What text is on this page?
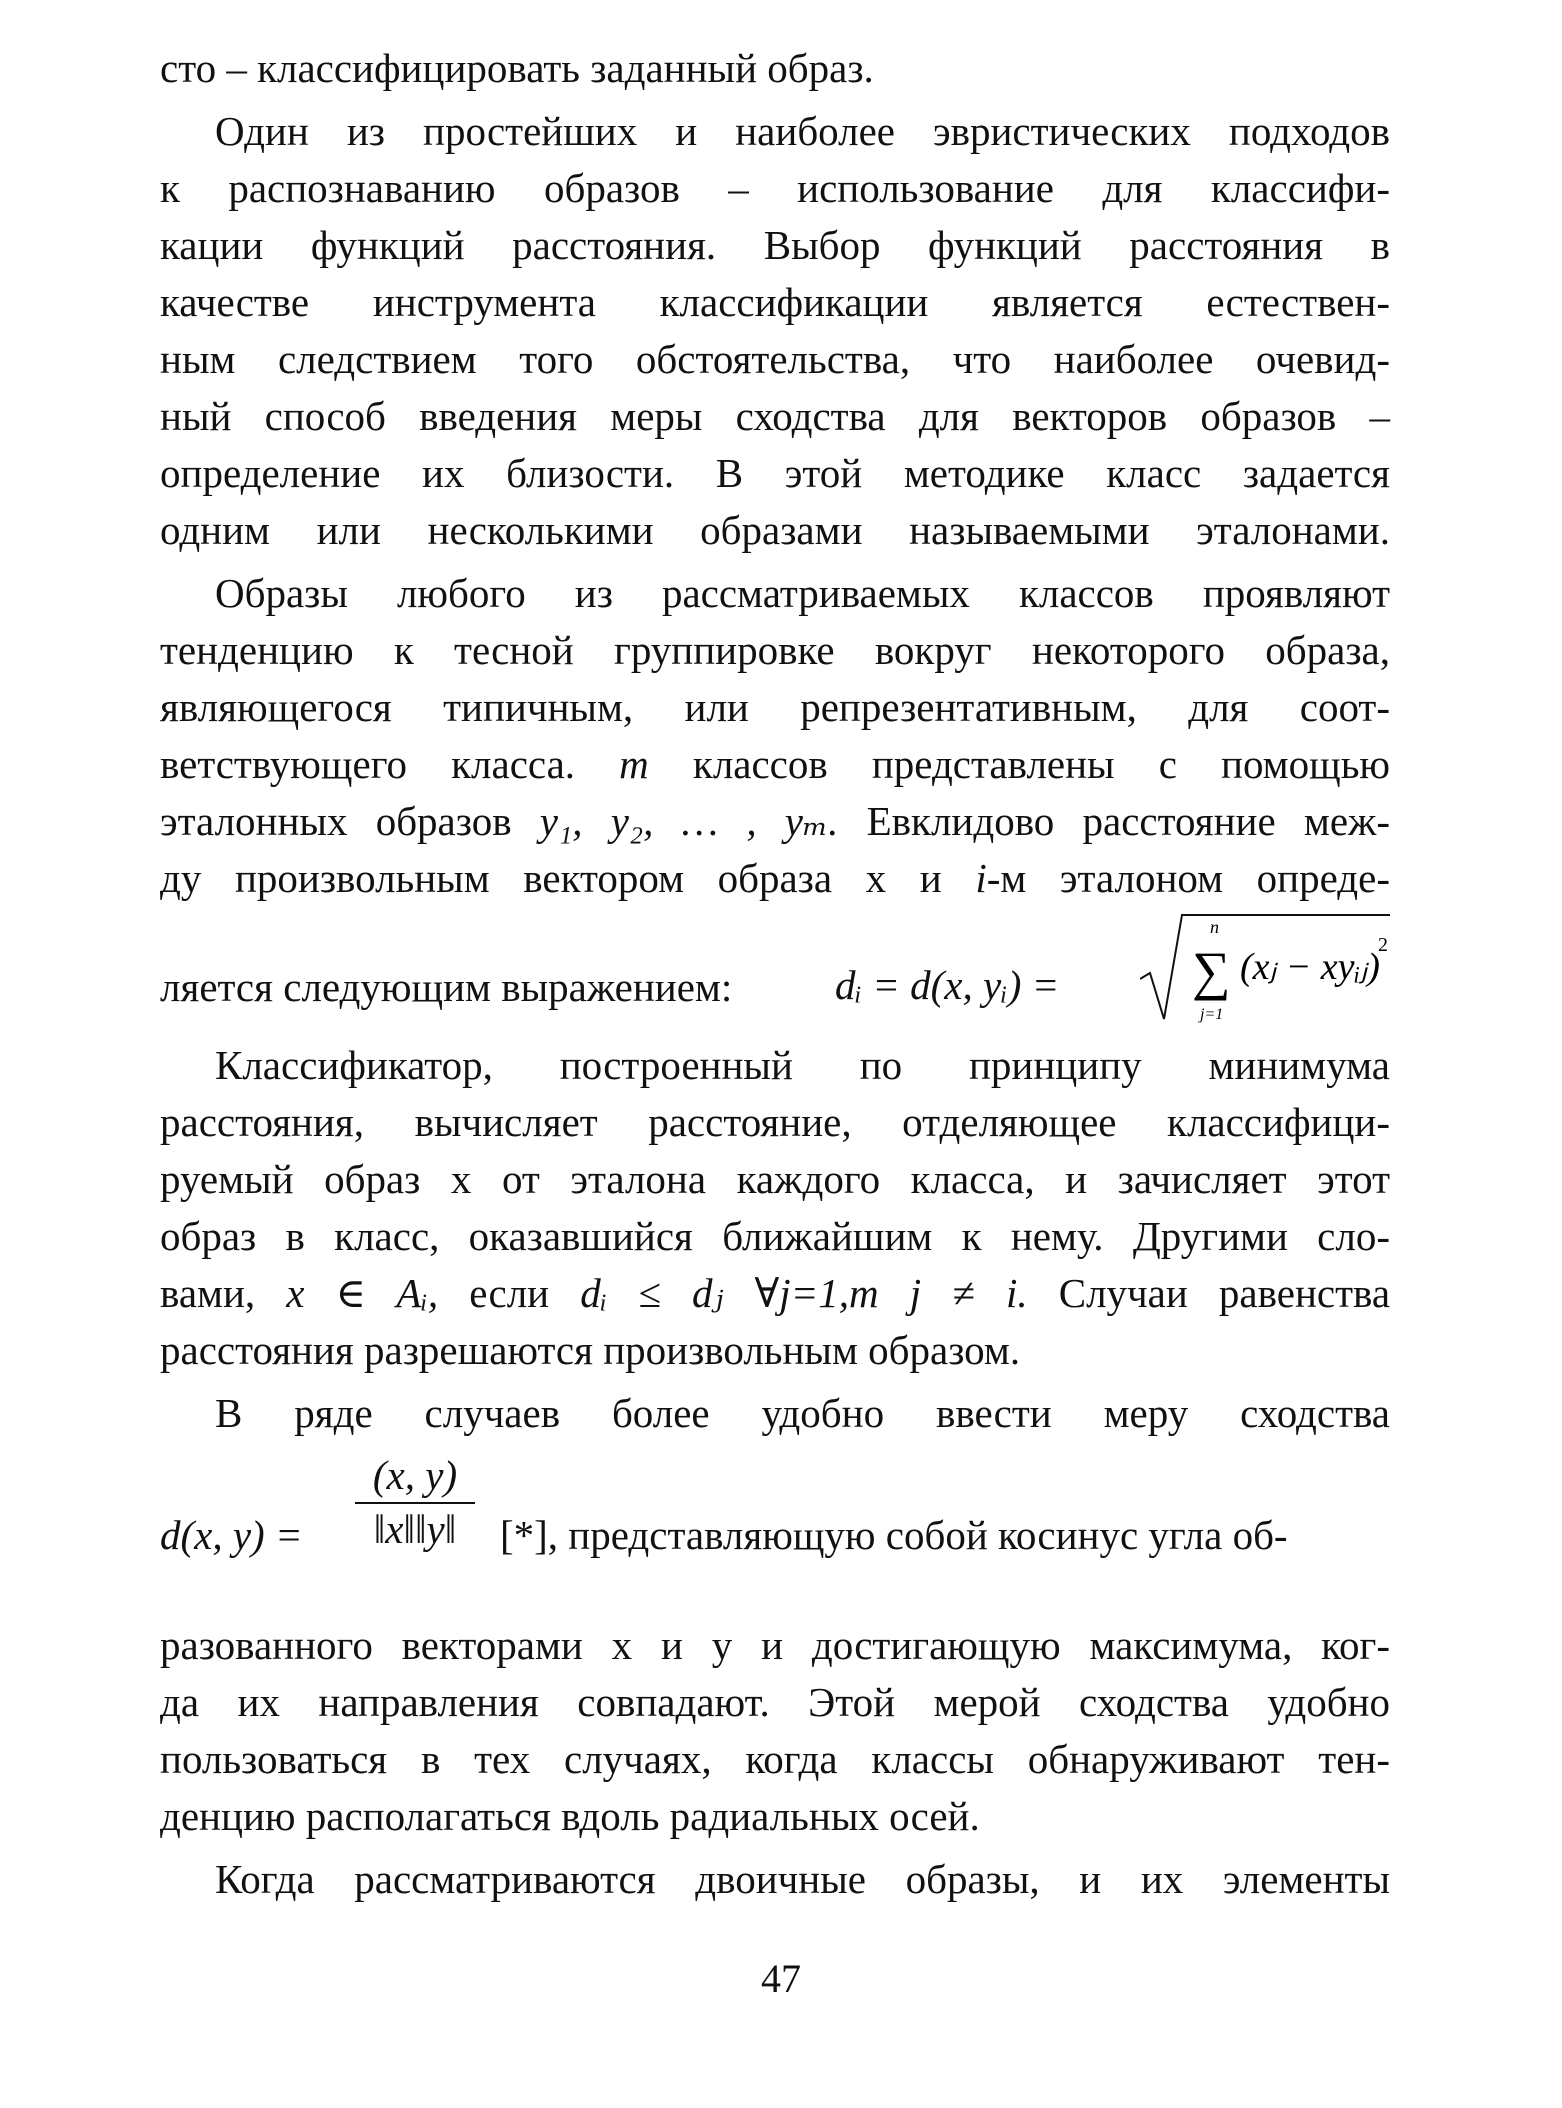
сто – классифицировать заданный образ.
Один из простейших и наиболее эвристических подходов
к распознаванию образов – использование для классифи-
кации функций расстояния. Выбор функций расстояния в
качестве инструмента классификации является естествен-
ным следствием того обстоятельства, что наиболее очевид-
ный способ введения меры сходства для векторов образов –
определение их близости. В этой методике класс задается
одним или несколькими образами называемыми эталонами.
Образы любого из рассматриваемых классов проявляют
тенденцию к тесной группировке вокруг некоторого образа,
являющегося типичным, или репрезентативным, для соот-
ветствующего класса. m классов представлены с помощью
эталонных образов y₁, y₂, … , yₘ. Евклидово расстояние меж-
ду произвольным вектором образа x и i-м эталоном опреде-
ляется следующим выражением:	dᵢ = d(x, yᵢ) =
n
∑
j=1
(xⱼ − xyᵢⱼ)
2
Классификатор, построенный по принципу минимума
расстояния, вычисляет расстояние, отделяющее классифици-
руемый образ x от эталона каждого класса, и зачисляет этот
образ в класс, оказавшийся ближайшим к нему. Другими сло-
вами, x ∈ Aᵢ, если dᵢ ≤ dⱼ ∀j=1,m j ≠ i. Случаи равенства
расстояния разрешаются произвольным образом.
В ряде случаев более удобно ввести меру сходства
d(x, $y) = \frac{(x, y)}{‖x‖‖y‖}$ [*], представляющую собой косинус угла об-
разованного векторами x и y и достигающую максимума, ког-
да их направления совпадают. Этой мерой сходства удобно
пользоваться в тех случаях, когда классы обнаруживают тен-
денцию располагаться вдоль радиальных осей.
Когда рассматриваются двоичные образы, и их элементы
47
